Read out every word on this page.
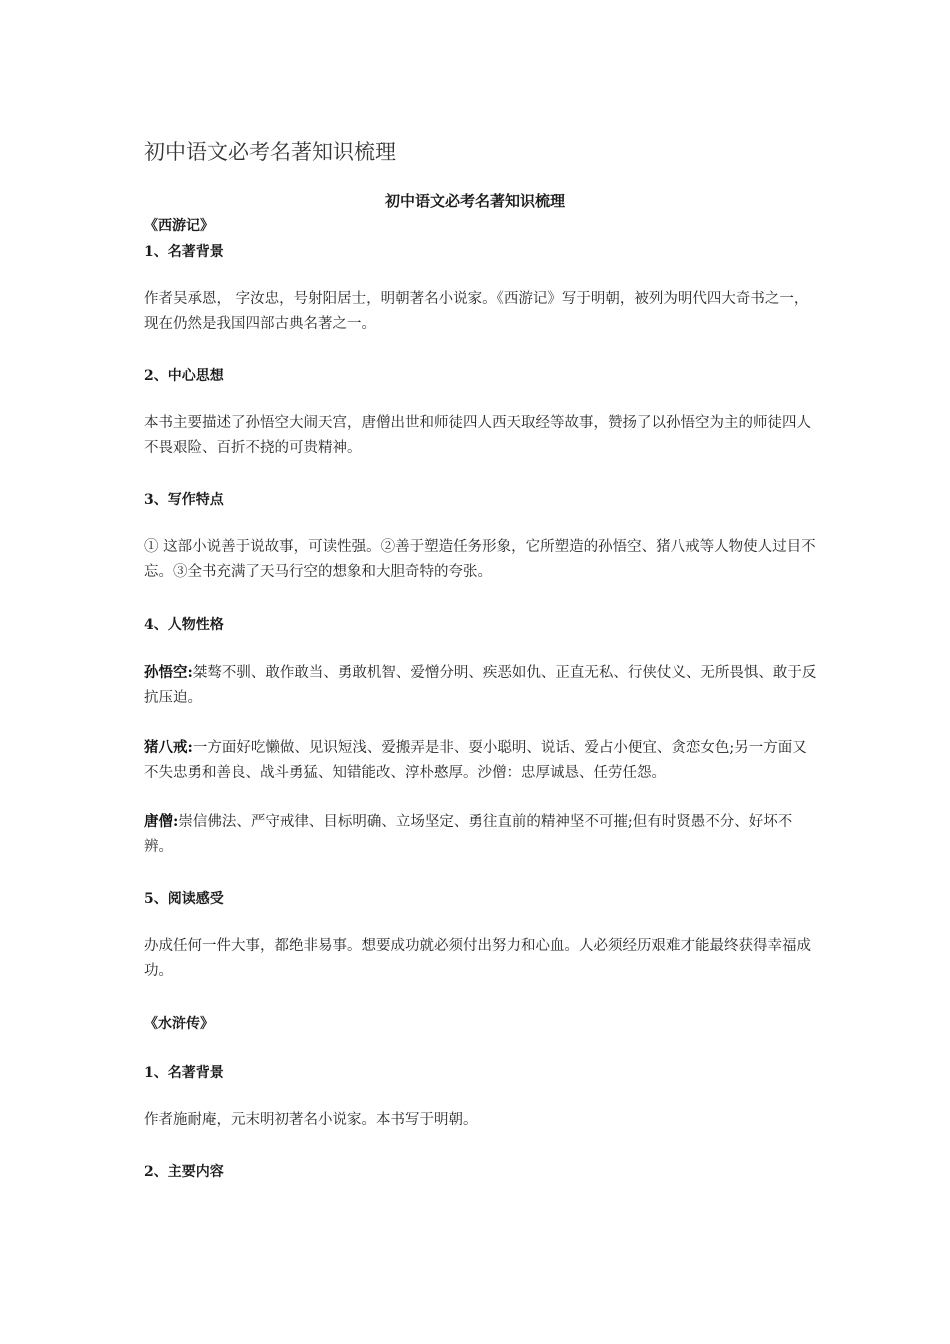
初中语文必考名著知识梳理
初中语文必考名著知识梳理
《西游记》
1、名著背景

作者吴承恩， 字汝忠，号射阳居士，明朝著名小说家。《西游记》写于明朝，被列为明代四大奇书之一，现在仍然是我国四部古典名著之一。

2、中心思想

本书主要描述了孙悟空大闹天宫，唐僧出世和师徒四人西天取经等故事，赞扬了以孙悟空为主的师徒四人不畏艰险、百折不挠的可贵精神。

3、写作特点

① 这部小说善于说故事，可读性强。②善于塑造任务形象，它所塑造的孙悟空、猪八戒等人物使人过目不忘。③全书充满了天马行空的想象和大胆奇特的夸张。

4、人物性格

孙悟空:桀骜不驯、敢作敢当、勇敢机智、爱憎分明、疾恶如仇、正直无私、行侠仗义、无所畏惧、敢于反抗压迫。

猪八戒:一方面好吃懒做、见识短浅、爱搬弄是非、耍小聪明、说话、爱占小便宜、贪恋女色;另一方面又不失忠勇和善良、战斗勇猛、知错能改、淳朴憨厚。沙僧：忠厚诚恳、任劳任怨。

唐僧:崇信佛法、严守戒律、目标明确、立场坚定、勇往直前的精神坚不可摧;但有时贤愚不分、好坏不辨。

5、阅读感受

办成任何一件大事，都绝非易事。想要成功就必须付出努力和心血。人必须经历艰难才能最终获得幸福成功。

《水浒传》
1、名著背景

作者施耐庵，元末明初著名小说家。本书写于明朝。

2、主要内容
